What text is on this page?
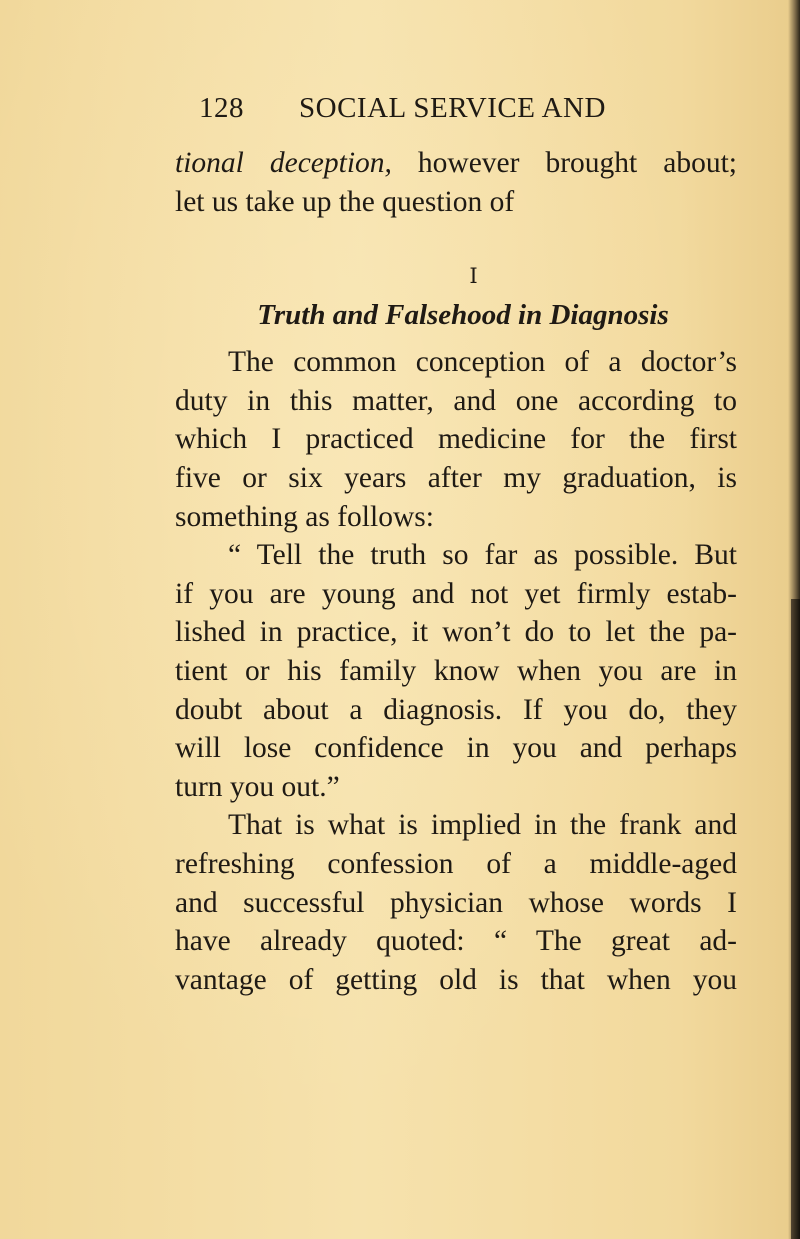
128 SOCIAL SERVICE AND
tional deception, however brought about;
let us take up the question of
I
Truth and Falsehood in Diagnosis
The common conception of a doctor’s
duty in this matter, and one according to
which I practiced medicine for the first
five or six years after my graduation, is
something as follows:
“ Tell the truth so far as possible. But
if you are young and not yet firmly estab-
lished in practice, it won’t do to let the pa-
tient or his family know when you are in
doubt about a diagnosis. If you do, they
will lose confidence in you and perhaps
turn you out.”
That is what is implied in the frank and
refreshing confession of a middle-aged
and successful physician whose words I
have already quoted: “ The great ad-
vantage of getting old is that when you
